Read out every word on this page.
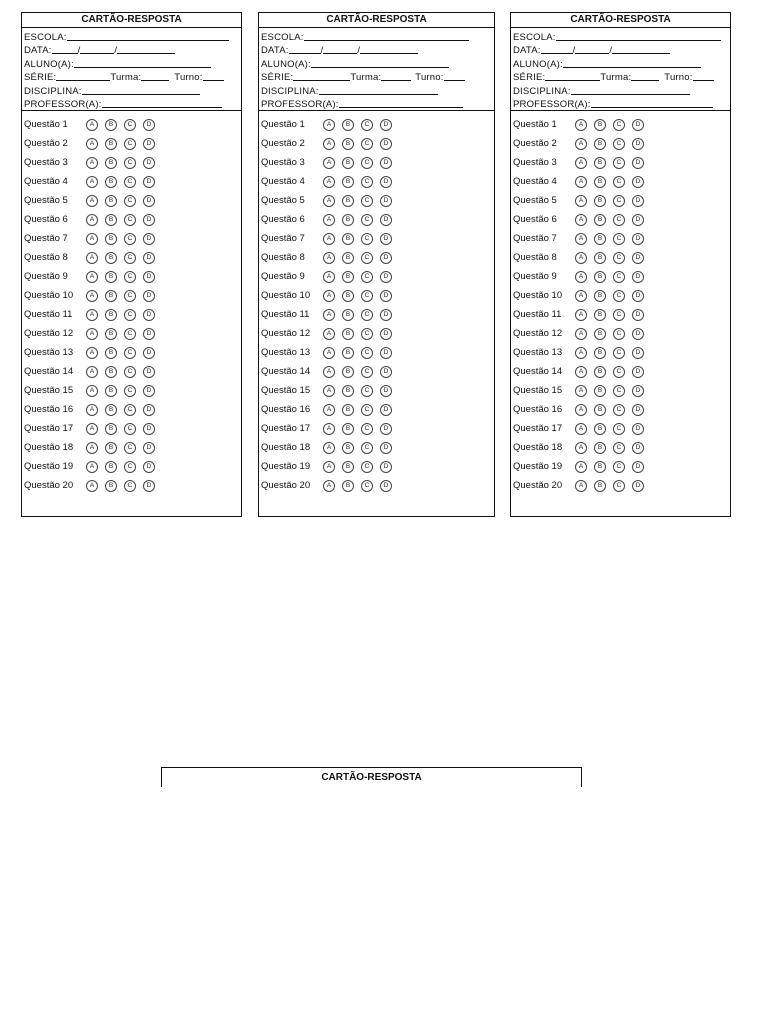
CARTÃO-RESPOSTA
ESCOLA:
DATA:	/	/
ALUNO(A):
SÉRIE:	Turma:	Turno:
DISCIPLINA:
PROFESSOR(A):
Questão 1	A	B	C	D
Questão 2	A	B	C	D
Questão 3	A	B	C	D
Questão 4	A	B	C	D
Questão 5	A	B	C	D
Questão 6	A	B	C	D
Questão 7	A	B	C	D
Questão 8	A	B	C	D
Questão 9	A	B	C	D
Questão 10	A	B	C	D
Questão 11	A	B	C	D
Questão 12	A	B	C	D
Questão 13	A	B	C	D
Questão 14	A	B	C	D
Questão 15	A	B	C	D
Questão 16	A	B	C	D
Questão 17	A	B	C	D
Questão 18	A	B	C	D
Questão 19	A	B	C	D
Questão 20	A	B	C	D
CARTÃO-RESPOSTA
ESCOLA:
DATA:	/	/
ALUNO(A):
SÉRIE:	Turma:	Turno:
DISCIPLINA:
PROFESSOR(A):
Questão 1	A	B	C	D
Questão 2	A	B	C	D
Questão 3	A	B	C	D
Questão 4	A	B	C	D
Questão 5	A	B	C	D
Questão 6	A	B	C	D
Questão 7	A	B	C	D
Questão 8	A	B	C	D
Questão 9	A	B	C	D
Questão 10	A	B	C	D
Questão 11	A	B	C	D
Questão 12	A	B	C	D
Questão 13	A	B	C	D
Questão 14	A	B	C	D
Questão 15	A	B	C	D
Questão 16	A	B	C	D
Questão 17	A	B	C	D
Questão 18	A	B	C	D
Questão 19	A	B	C	D
Questão 20	A	B	C	D
CARTÃO-RESPOSTA
ESCOLA:
DATA:	/	/
ALUNO(A):
SÉRIE:	Turma:	Turno:
DISCIPLINA:
PROFESSOR(A):
Questão 1	A	B	C	D
Questão 2	A	B	C	D
Questão 3	A	B	C	D
Questão 4	A	B	C	D
Questão 5	A	B	C	D
Questão 6	A	B	C	D
Questão 7	A	B	C	D
Questão 8	A	B	C	D
Questão 9	A	B	C	D
Questão 10	A	B	C	D
Questão 11	A	B	C	D
Questão 12	A	B	C	D
Questão 13	A	B	C	D
Questão 14	A	B	C	D
Questão 15	A	B	C	D
Questão 16	A	B	C	D
Questão 17	A	B	C	D
Questão 18	A	B	C	D
Questão 19	A	B	C	D
Questão 20	A	B	C	D
CARTÃO-RESPOSTA
